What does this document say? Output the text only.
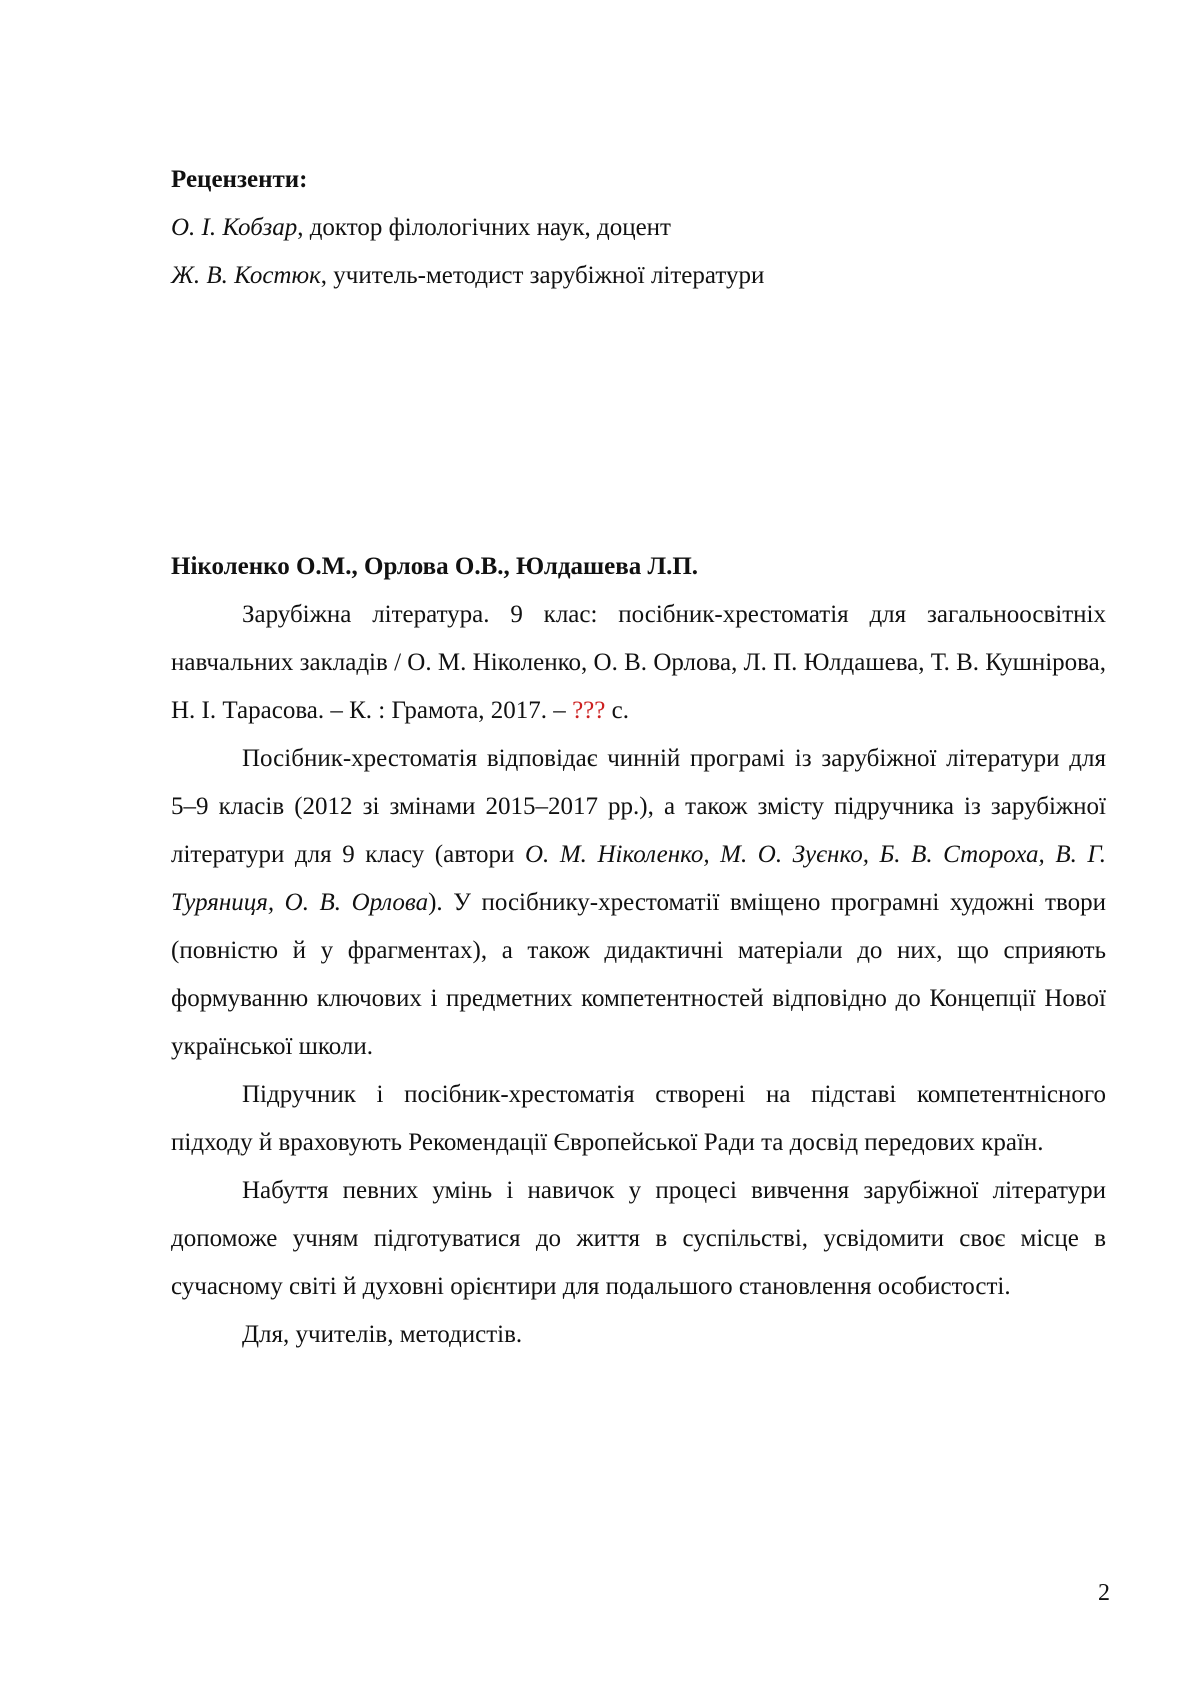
Рецензенти:
О. І. Кобзар, доктор філологічних наук, доцент
Ж. В. Костюк, учитель-методист зарубіжної літератури
Ніколенко О.М., Орлова О.В., Юлдашева Л.П.

Зарубіжна література. 9 клас: посібник-хрестоматія для загальноосвітніх навчальних закладів / О. М. Ніколенко, О. В. Орлова, Л. П. Юлдашева, Т. В. Кушнірова, Н. І. Тарасова. – К. : Грамота, 2017. – ??? с.

Посібник-хрестоматія відповідає чинній програмі із зарубіжної літератури для 5–9 класів (2012 зі змінами 2015–2017 рр.), а також змісту підручника із зарубіжної літератури для 9 класу (автори О. М. Ніколенко, М. О. Зуєнко, Б. В. Стороха, В. Г. Туряниця, О. В. Орлова). У посібнику-хрестоматії вміщено програмні художні твори (повністю й у фрагментах), а також дидактичні матеріали до них, що сприяють формуванню ключових і предметних компетентностей відповідно до Концепції Нової української школи.

Підручник і посібник-хрестоматія створені на підставі компетентнісного підходу й враховують Рекомендації Європейської Ради та досвід передових країн.

Набуття певних умінь і навичок у процесі вивчення зарубіжної літератури допоможе учням підготуватися до життя в суспільстві, усвідомити своє місце в сучасному світі й духовні орієнтири для подальшого становлення особистості.

Для, учителів, методистів.

2
